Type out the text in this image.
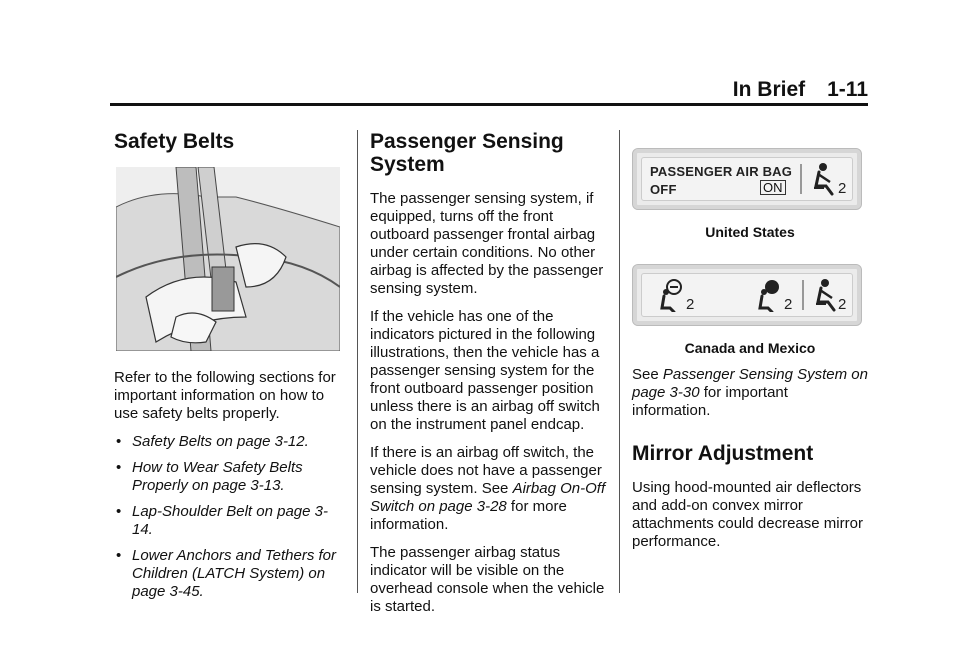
In Brief 1-11
Safety Belts

Refer to the following sections for important information on how to use safety belts properly.

• Safety Belts on page 3-12.
• How to Wear Safety Belts Properly on page 3-13.
• Lap-Shoulder Belt on page 3-14.
• Lower Anchors and Tethers for Children (LATCH System) on page 3-45.
Passenger Sensing System

The passenger sensing system, if equipped, turns off the front outboard passenger frontal airbag under certain conditions. No other airbag is affected by the passenger sensing system.

If the vehicle has one of the indicators pictured in the following illustrations, then the vehicle has a passenger sensing system for the front outboard passenger position unless there is an airbag off switch on the instrument panel endcap.

If there is an airbag off switch, the vehicle does not have a passenger sensing system. See Airbag On-Off Switch on page 3-28 for more information.

The passenger airbag status indicator will be visible on the overhead console when the vehicle is started.

PASSENGER AIR BAG
OFF	ON	2
United States
2	2	2
Canada and Mexico

See Passenger Sensing System on page 3-30 for important information.

Mirror Adjustment

Using hood-mounted air deflectors and add-on convex mirror attachments could decrease mirror performance.
